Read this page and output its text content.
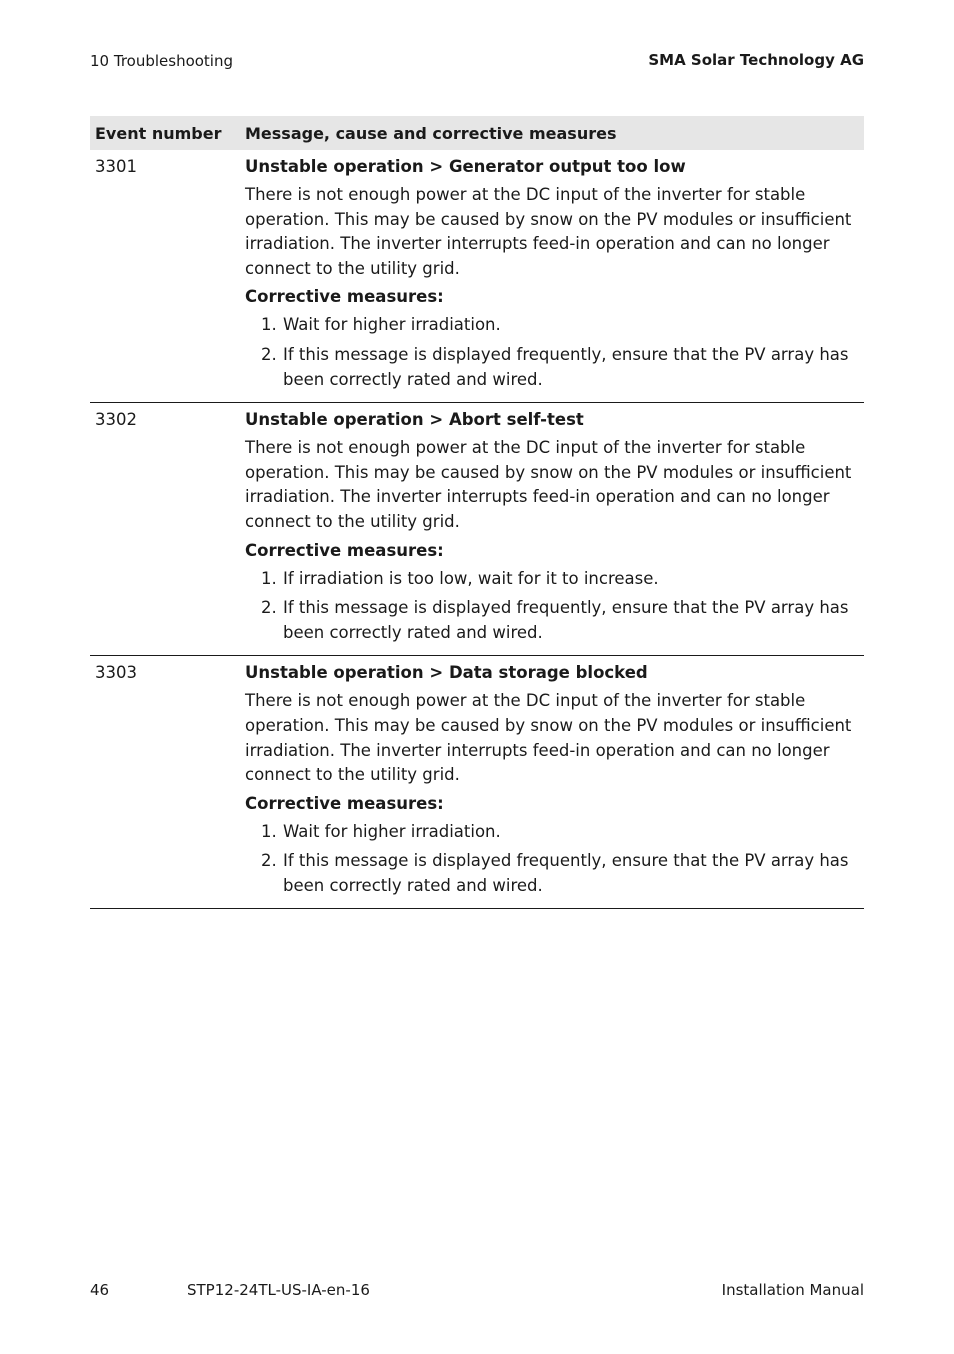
10 Troubleshooting	SMA Solar Technology AG
Event number	Message, cause and corrective measures
3301	Unstable operation > Generator output too low

There is not enough power at the DC input of the inverter for stable operation. This may be caused by snow on the PV modules or insufficient irradiation. The inverter interrupts feed-in operation and can no longer connect to the utility grid.

Corrective measures:

1. Wait for higher irradiation.
2. If this message is displayed frequently, ensure that the PV array has been correctly rated and wired.
3302	Unstable operation > Abort self-test

There is not enough power at the DC input of the inverter for stable operation. This may be caused by snow on the PV modules or insufficient irradiation. The inverter interrupts feed-in operation and can no longer connect to the utility grid.

Corrective measures:

1. If irradiation is too low, wait for it to increase.
2. If this message is displayed frequently, ensure that the PV array has been correctly rated and wired.
3303	Unstable operation > Data storage blocked

There is not enough power at the DC input of the inverter for stable operation. This may be caused by snow on the PV modules or insufficient irradiation. The inverter interrupts feed-in operation and can no longer connect to the utility grid.

Corrective measures:

1. Wait for higher irradiation.
2. If this message is displayed frequently, ensure that the PV array has been correctly rated and wired.
46	STP12-24TL-US-IA-en-16	Installation Manual
